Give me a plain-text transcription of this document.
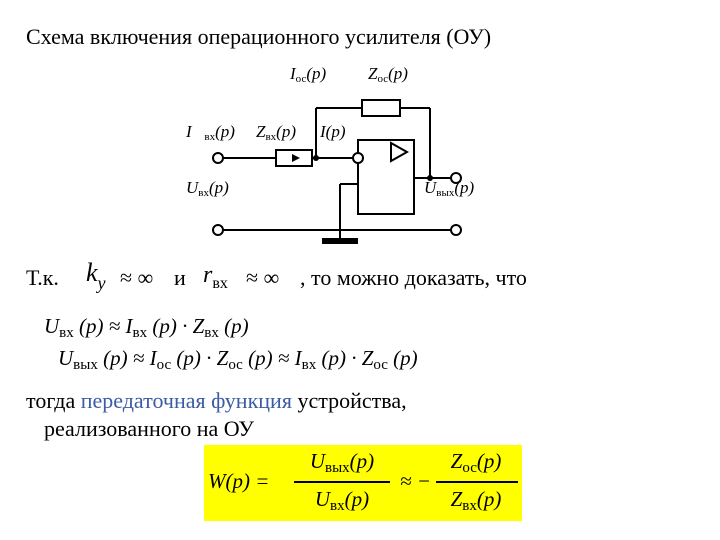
Схема включения операционного усилителя (ОУ)
$I_{ос}(p)$ $Z_{ос}(p)$
I $_{вх}$(p) $Z_{вх}(p)$ I(p)
$U_{вх}(p)$	$U_{вых}(p)$
Т.к. $k_y$ ≈ ∞ и $r_{вх}$ ≈ ∞ , то можно доказать, что
Uвх (p) ≈ Iвх (p) · Zвх (p)
Uвых (p) ≈ Iос (p) · Zос (p) ≈ Iвх (p) · Zос (p)
тогда передаточная функция устройства,
реализованного на ОУ
W(p) =
Uвых(p)
Uвх(p)
≈ −
Zос(p)
Zвх(p)
